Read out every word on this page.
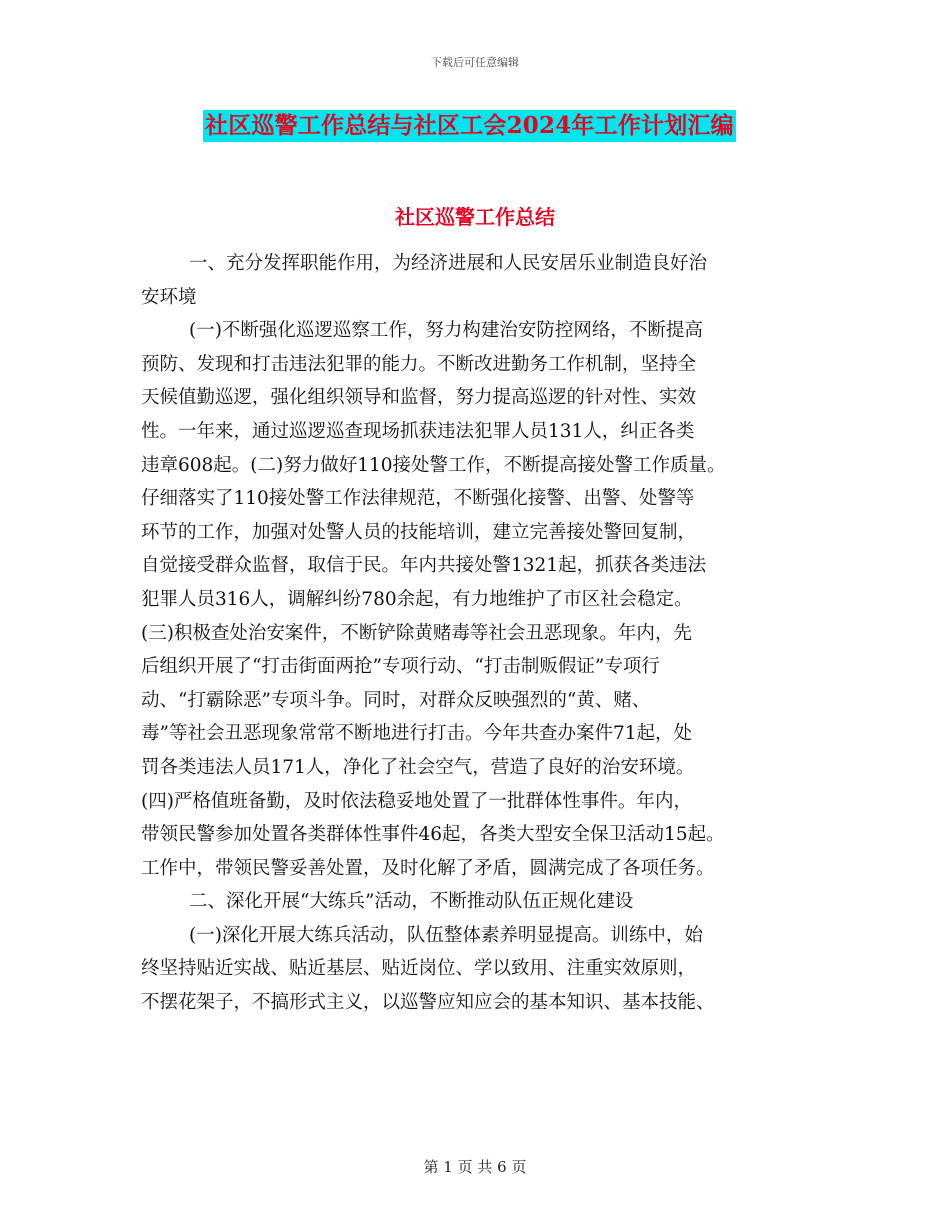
下载后可任意编辑
社区巡警工作总结与社区工会2024年工作计划汇编
社区巡警工作总结
一、充分发挥职能作用，为经济进展和人民安居乐业制造良好治
安环境
(一)不断强化巡逻巡察工作，努力构建治安防控网络，不断提高
预防、发现和打击违法犯罪的能力。不断改进勤务工作机制，坚持全
天候值勤巡逻，强化组织领导和监督，努力提高巡逻的针对性、实效
性。一年来，通过巡逻巡查现场抓获违法犯罪人员131人，纠正各类
违章608起。(二)努力做好110接处警工作，不断提高接处警工作质量。
仔细落实了110接处警工作法律规范，不断强化接警、出警、处警等
环节的工作，加强对处警人员的技能培训，建立完善接处警回复制，
自觉接受群众监督，取信于民。年内共接处警1321起，抓获各类违法
犯罪人员316人，调解纠纷780余起，有力地维护了市区社会稳定。
(三)积极查处治安案件，不断铲除黄赌毒等社会丑恶现象。年内，先
后组织开展了“打击街面两抢”专项行动、“打击制贩假证”专项行
动、“打霸除恶”专项斗争。同时，对群众反映强烈的“黄、赌、
毒”等社会丑恶现象常常不断地进行打击。今年共查办案件71起，处
罚各类违法人员171人，净化了社会空气，营造了良好的治安环境。
(四)严格值班备勤，及时依法稳妥地处置了一批群体性事件。年内，
带领民警参加处置各类群体性事件46起，各类大型安全保卫活动15起。
工作中，带领民警妥善处置，及时化解了矛盾，圆满完成了各项任务。
二、深化开展“大练兵”活动，不断推动队伍正规化建设
(一)深化开展大练兵活动，队伍整体素养明显提高。训练中，始
终坚持贴近实战、贴近基层、贴近岗位、学以致用、注重实效原则，
不摆花架子，不搞形式主义，以巡警应知应会的基本知识、基本技能、
第 1 页 共 6 页
